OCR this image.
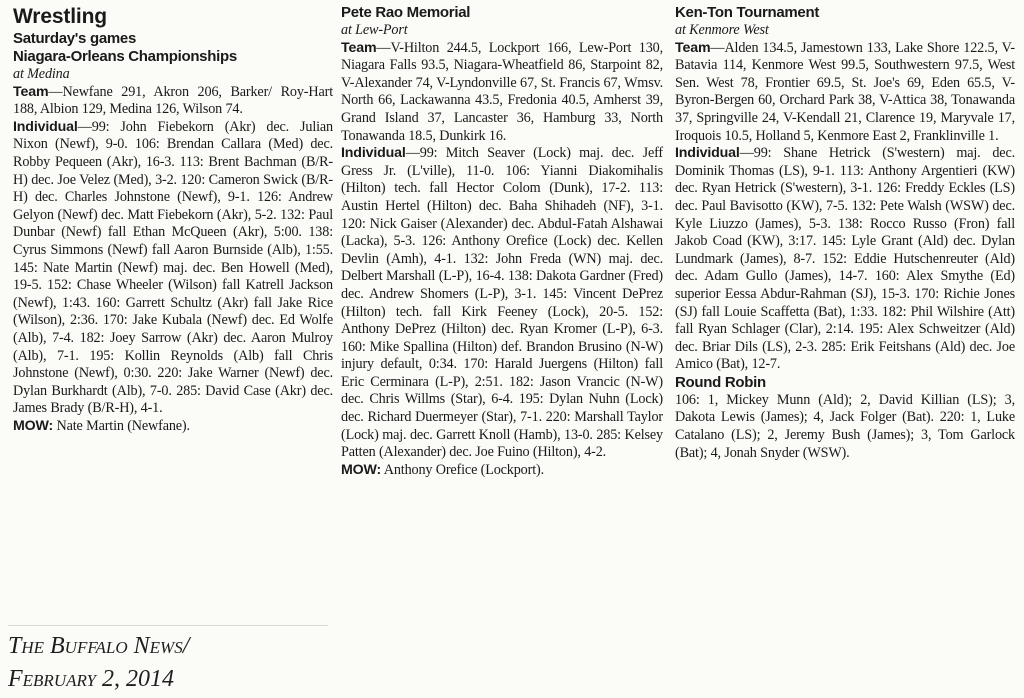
Wrestling
Saturday's games
Niagara-Orleans Championships
at Medina

Team—Newfane 291, Akron 206, Barker/ Roy-Hart 188, Albion 129, Medina 126, Wilson 74.

Individual—99: John Fiebekorn (Akr) dec. Julian Nixon (Newf), 9-0. 106: Brendan Callara (Med) dec. Robby Pequeen (Akr), 16-3. 113: Brent Bachman (B/R-H) dec. Joe Velez (Med), 3-2. 120: Cameron Swick (B/R-H) dec. Charles Johnstone (Newf), 9-1. 126: Andrew Gelyon (Newf) dec. Matt Fiebekorn (Akr), 5-2. 132: Paul Dunbar (Newf) fall Ethan McQueen (Akr), 5:00. 138: Cyrus Simmons (Newf) fall Aaron Burnside (Alb), 1:55. 145: Nate Martin (Newf) maj. dec. Ben Howell (Med), 19-5. 152: Chase Wheeler (Wilson) fall Katrell Jackson (Newf), 1:43. 160: Garrett Schultz (Akr) fall Jake Rice (Wilson), 2:36. 170: Jake Kubala (Newf) dec. Ed Wolfe (Alb), 7-4. 182: Joey Sarrow (Akr) dec. Aaron Mulroy (Alb), 7-1. 195: Kollin Reynolds (Alb) fall Chris Johnstone (Newf), 0:30. 220: Jake Warner (Newf) dec. Dylan Burkhardt (Alb), 7-0. 285: David Case (Akr) dec. James Brady (B/R-H), 4-1.

MOW: Nate Martin (Newfane).

Pete Rao Memorial
at Lew-Port

Team—V-Hilton 244.5, Lockport 166, Lew-Port 130, Niagara Falls 93.5, Niagara-Wheatfield 86, Starpoint 82, V-Alexander 74, V-Lyndonville 67, St. Francis 67, Wmsv. North 66, Lackawanna 43.5, Fredonia 40.5, Amherst 39, Grand Island 37, Lancaster 36, Hamburg 33, North Tonawanda 18.5, Dunkirk 16.

Individual—99: Mitch Seaver (Lock) maj. dec. Jeff Gress Jr. (L'ville), 11-0. 106: Yianni Diakomihalis (Hilton) tech. fall Hector Colom (Dunk), 17-2. 113: Austin Hertel (Hilton) dec. Baha Shihadeh (NF), 3-1. 120: Nick Gaiser (Alexander) dec. Abdul-Fatah Alshawai (Lacka), 5-3. 126: Anthony Orefice (Lock) dec. Kellen Devlin (Amh), 4-1. 132: John Freda (WN) maj. dec. Delbert Marshall (L-P), 16-4. 138: Dakota Gardner (Fred) dec. Andrew Shomers (L-P), 3-1. 145: Vincent DePrez (Hilton) tech. fall Kirk Feeney (Lock), 20-5. 152: Anthony DePrez (Hilton) dec. Ryan Kromer (L-P), 6-3. 160: Mike Spallina (Hilton) def. Brandon Brusino (N-W) injury default, 0:34. 170: Harald Juergens (Hilton) fall Eric Cerminara (L-P), 2:51. 182: Jason Vrancic (N-W) dec. Chris Willms (Star), 6-4. 195: Dylan Nuhn (Lock) dec. Richard Duermeyer (Star), 7-1. 220: Marshall Taylor (Lock) maj. dec. Garrett Knoll (Hamb), 13-0. 285: Kelsey Patten (Alexander) dec. Joe Fuino (Hilton), 4-2.

MOW: Anthony Orefice (Lockport).

Ken-Ton Tournament
at Kenmore West

Team—Alden 134.5, Jamestown 133, Lake Shore 122.5, V-Batavia 114, Kenmore West 99.5, Southwestern 97.5, West Sen. West 78, Frontier 69.5, St. Joe's 69, Eden 65.5, V-Byron-Bergen 60, Orchard Park 38, V-Attica 38, Tonawanda 37, Springville 24, V-Kendall 21, Clarence 19, Maryvale 17, Iroquois 10.5, Holland 5, Kenmore East 2, Franklinville 1.

Individual—99: Shane Hetrick (S'western) maj. dec. Dominik Thomas (LS), 9-1. 113: Anthony Argentieri (KW) dec. Ryan Hetrick (S'western), 3-1. 126: Freddy Eckles (LS) dec. Paul Bavisotto (KW), 7-5. 132: Pete Walsh (WSW) dec. Kyle Liuzzo (James), 5-3. 138: Rocco Russo (Fron) fall Jakob Coad (KW), 3:17. 145: Lyle Grant (Ald) dec. Dylan Lundmark (James), 8-7. 152: Eddie Hutschenreuter (Ald) dec. Adam Gullo (James), 14-7. 160: Alex Smythe (Ed) superior Eessa Abdur-Rahman (SJ), 15-3. 170: Richie Jones (SJ) fall Louie Scaffetta (Bat), 1:33. 182: Phil Wilshire (Att) fall Ryan Schlager (Clar), 2:14. 195: Alex Schweitzer (Ald) dec. Briar Dils (LS), 2-3. 285: Erik Feitshans (Ald) dec. Joe Amico (Bat), 12-7.

Round Robin

106: 1, Mickey Munn (Ald); 2, David Killian (LS); 3, Dakota Lewis (James); 4, Jack Folger (Bat). 220: 1, Luke Catalano (LS); 2, Jeremy Bush (James); 3, Tom Garlock (Bat); 4, Jonah Snyder (WSW).

The Buffalo News/
February 2, 2014
